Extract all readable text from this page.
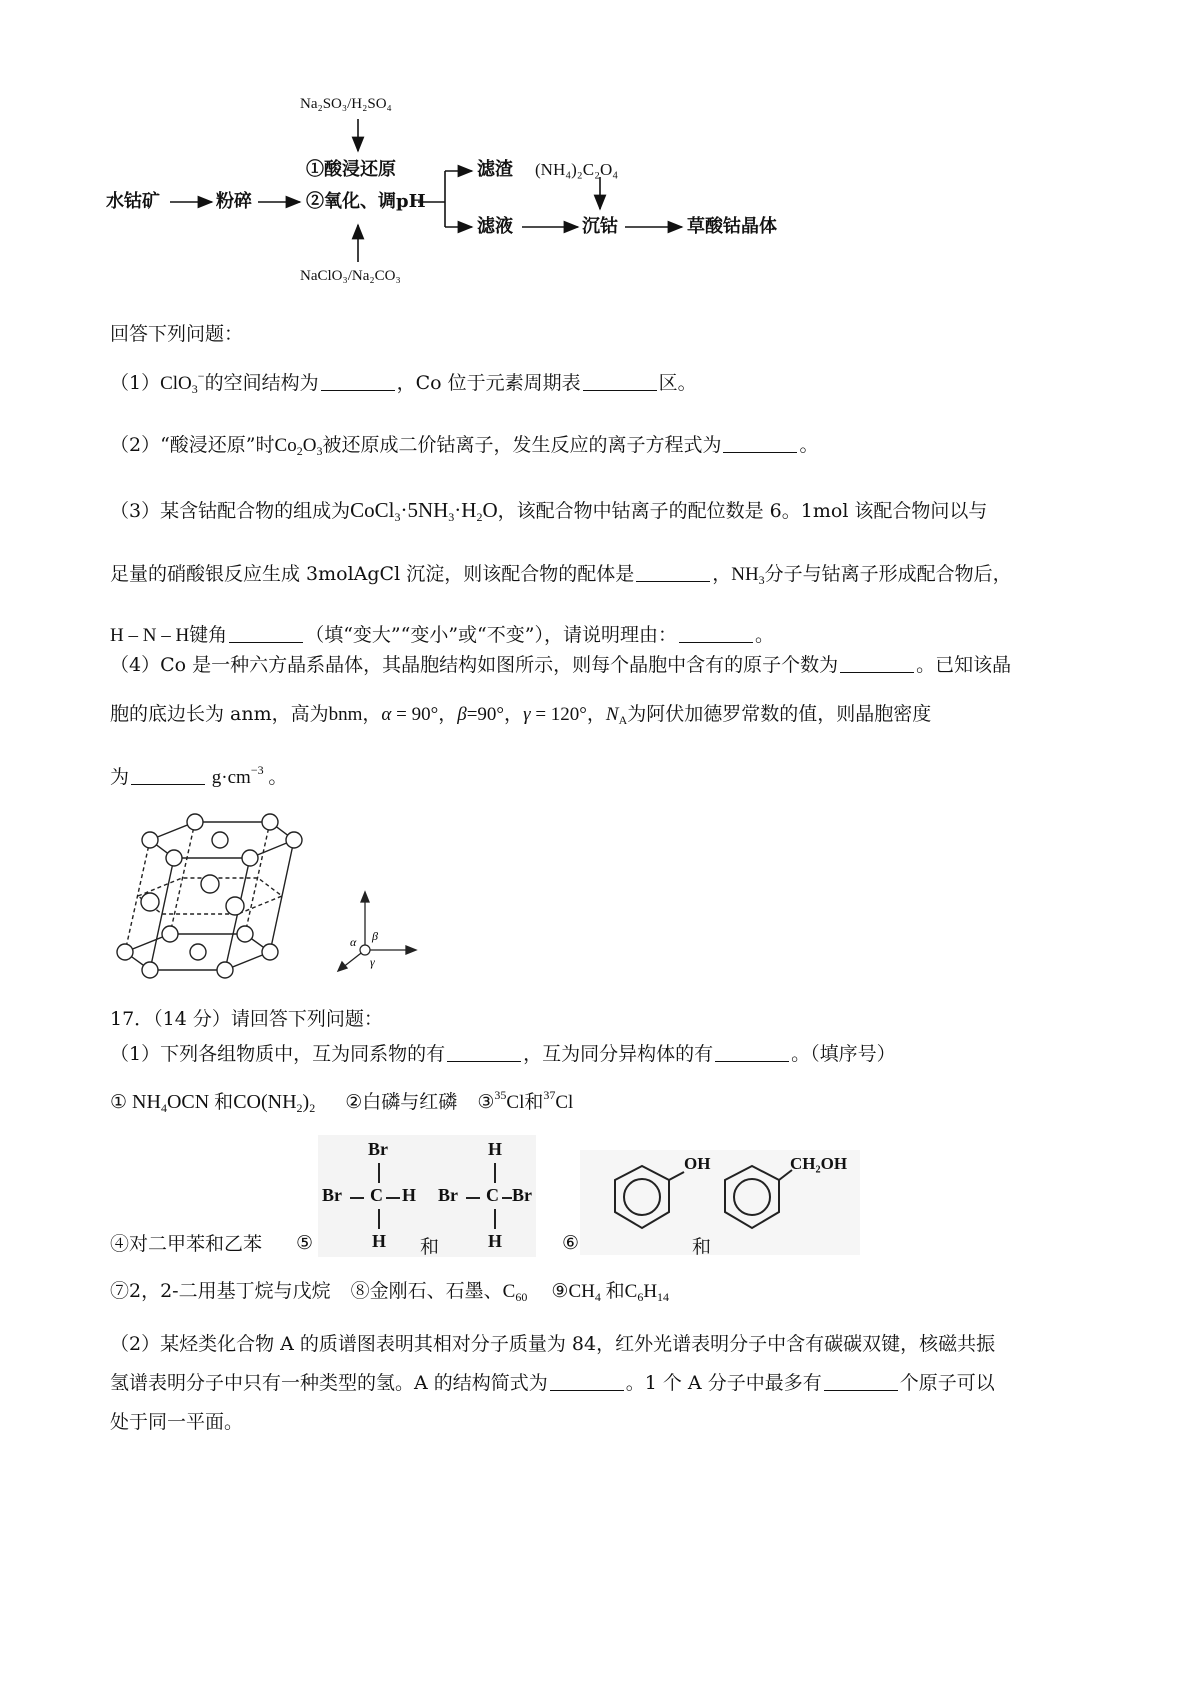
Na₂SO₃/H₂SO₄
水钴矿	粉碎
①酸浸还原
②氧化、调pH
滤渣 (NH₄)₂C₂O₄
滤液	沉钴	草酸钴晶体
NaClO₃/Na₂CO₃
回答下列问题：
（1）ClO$_3$−的空间结构为	，Co 位于元素周期表	区。
（2）“酸浸还原”时$Co_2O_3$被还原成二价钴离子，发生反应的离子方程式为	。
（3）某含钴配合物的组成为$CoCl_3\cdot 5NH_3\cdot H_2O$，该配合物中钴离子的配位数是 6。1mol 该配合物问以与
足量的硝酸银反应生成 3molAgCl 沉淀，则该配合物的配体是	，$NH_3$分子与钴离子形成配合物后，
H – N – H键角	（填“变大”“变小”或“不变”），请说明理由：	。
（4）Co 是一种六方晶系晶体，其晶胞结构如图所示，则每个晶胞中含有的原子个数为	。已知该晶
胞的底边长为 anm，高为bnm，α = 90°，β=90°，γ = 120°，$N_A$为阿伏加德罗常数的值，则晶胞密度
为	$g\cdot cm^{-3}$ 。
α β
γ
17．（14 分）请回答下列问题：
（1）下列各组物质中，互为同系物的有	，互为同分异构体的有	。（填序号）
① $NH_4OCN$ 和$CO(NH_2)_2$ ②白磷与红磷 ③$^{35}$Cl和$^{37}$Cl
Br
Br C H
H
H
Br C Br
H
OH	CH₂OH
④对二甲苯和乙苯 ⑤	和	⑥	和
⑦2，2-二用基丁烷与戊烷 ⑧金刚石、石墨、$C_{60}$ $⑨CH_4$ 和$C_6H_{14}$
（2）某烃类化合物 A 的质谱图表明其相对分子质量为 84，红外光谱表明分子中含有碳碳双键，核磁共振
氢谱表明分子中只有一种类型的氢。A 的结构简式为	。1 个 A 分子中最多有	个原子可以
处于同一平面。
